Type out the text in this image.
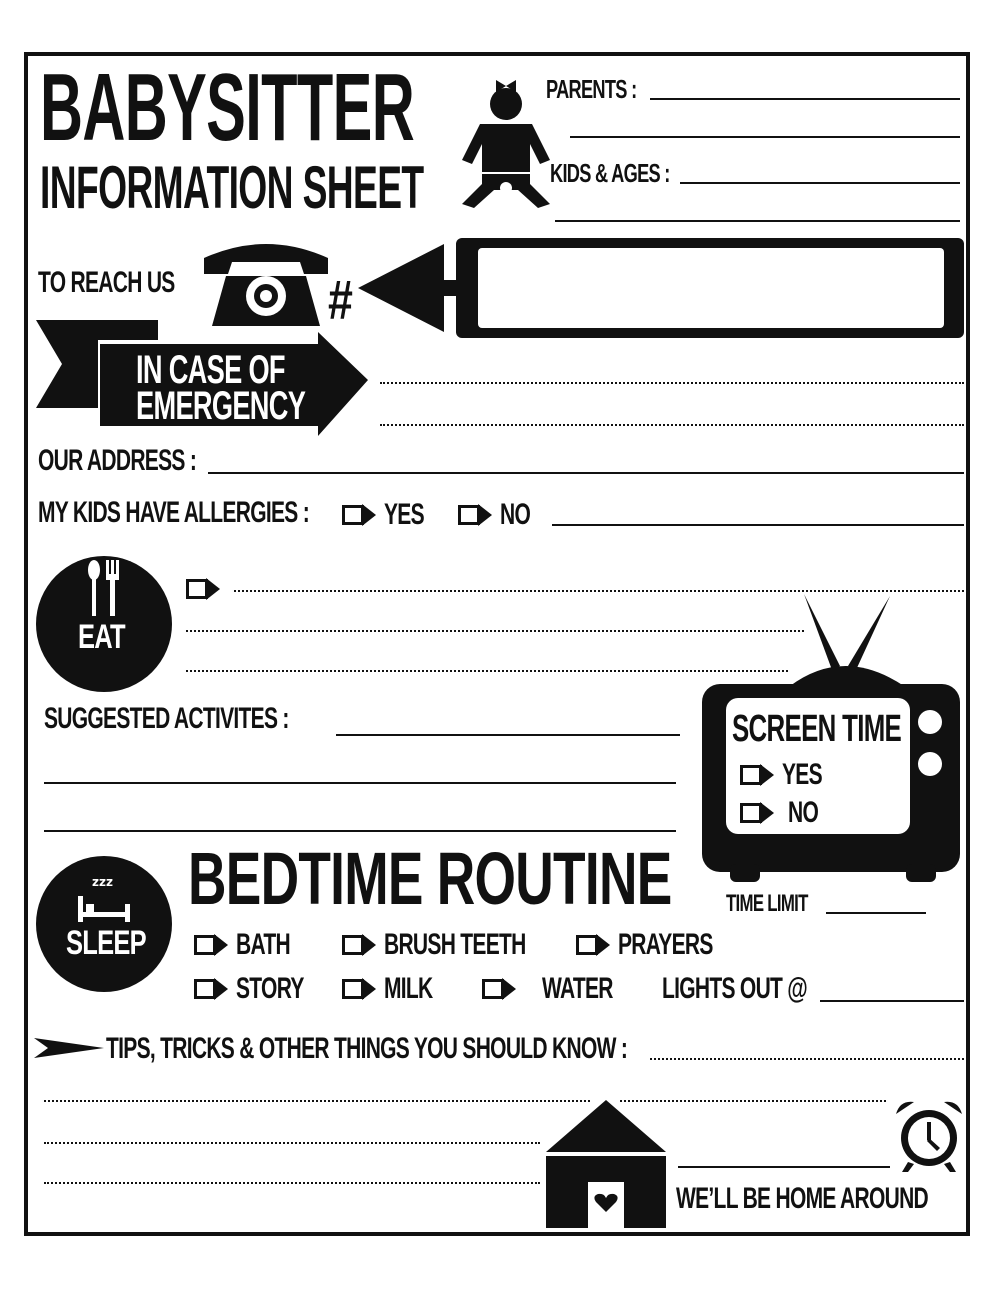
BABYSITTER
INFORMATION SHEET
PARENTS :
KIDS & AGES :
TO REACH US	#
IN CASE OF
EMERGENCY
OUR ADDRESS :
MY KIDS HAVE ALLERGIES : YES	NO
EAT
SUGGESTED ACTIVITES :	SCREEN TIME
YES
NO
TIME LIMIT
zzz
SLEEP
BEDTIME ROUTINE
BATH	BRUSH TEETH	PRAYERS
STORY	MILK	WATER LIGHTS OUT @
TIPS, TRICKS & OTHER THINGS YOU SHOULD KNOW :
WE’LL BE HOME AROUND
